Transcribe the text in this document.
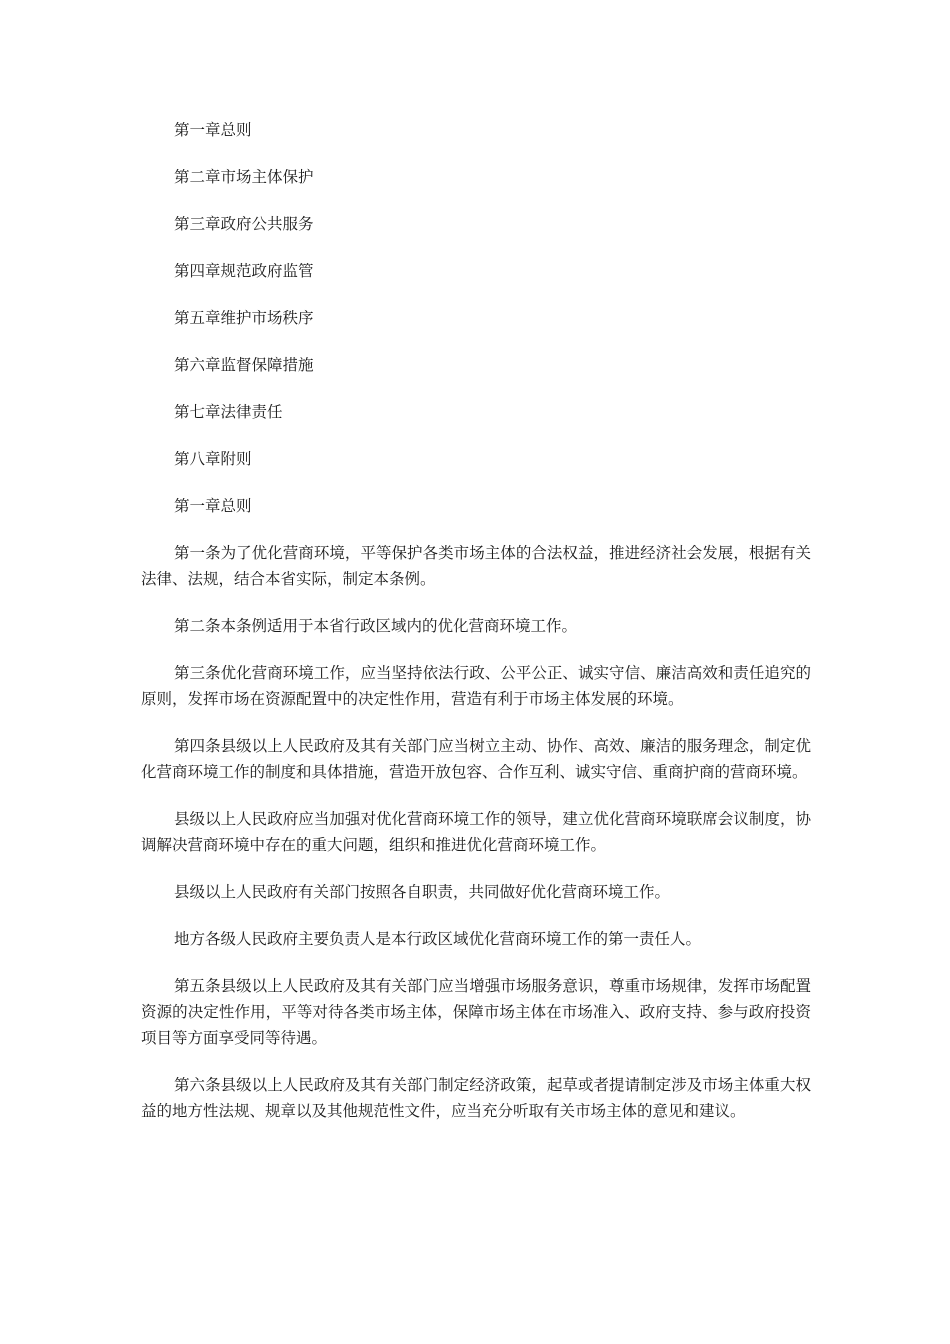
第一章总则

第二章市场主体保护

第三章政府公共服务

第四章规范政府监管

第五章维护市场秩序

第六章监督保障措施

第七章法律责任

第八章附则

第一章总则

第一条为了优化营商环境，平等保护各类市场主体的合法权益，推进经济社会发展，根据有关法律、法规，结合本省实际，制定本条例。

第二条本条例适用于本省行政区域内的优化营商环境工作。

第三条优化营商环境工作，应当坚持依法行政、公平公正、诚实守信、廉洁高效和责任追究的原则，发挥市场在资源配置中的决定性作用，营造有利于市场主体发展的环境。

第四条县级以上人民政府及其有关部门应当树立主动、协作、高效、廉洁的服务理念，制定优化营商环境工作的制度和具体措施，营造开放包容、合作互利、诚实守信、重商护商的营商环境。

县级以上人民政府应当加强对优化营商环境工作的领导，建立优化营商环境联席会议制度，协调解决营商环境中存在的重大问题，组织和推进优化营商环境工作。

县级以上人民政府有关部门按照各自职责，共同做好优化营商环境工作。

地方各级人民政府主要负责人是本行政区域优化营商环境工作的第一责任人。

第五条县级以上人民政府及其有关部门应当增强市场服务意识，尊重市场规律，发挥市场配置资源的决定性作用，平等对待各类市场主体，保障市场主体在市场准入、政府支持、参与政府投资项目等方面享受同等待遇。

第六条县级以上人民政府及其有关部门制定经济政策，起草或者提请制定涉及市场主体重大权益的地方性法规、规章以及其他规范性文件，应当充分听取有关市场主体的意见和建议。
